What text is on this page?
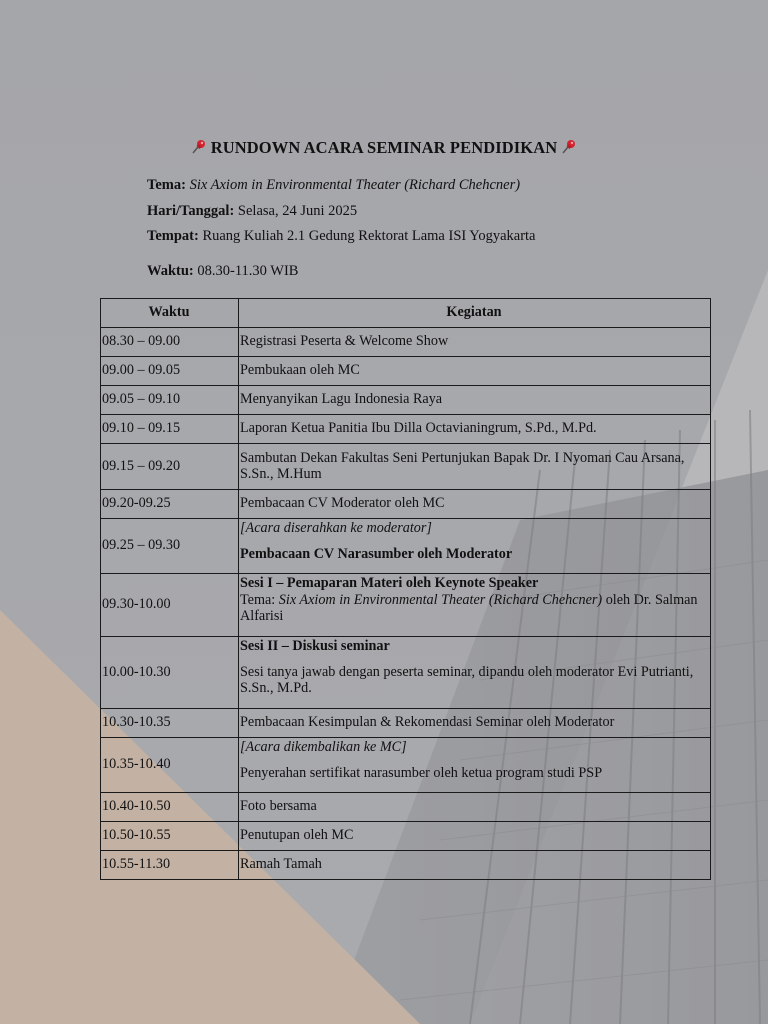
RUNDOWN ACARA SEMINAR PENDIDIKAN
Tema: Six Axiom in Environmental Theater (Richard Chehcner)
Hari/Tanggal: Selasa, 24 Juni 2025
Tempat: Ruang Kuliah 2.1 Gedung Rektorat Lama ISI Yogyakarta
Waktu: 08.30-11.30 WIB
Waktu	Kegiatan
08.30 – 09.00	Registrasi Peserta & Welcome Show
09.00 – 09.05	Pembukaan oleh MC
09.05 – 09.10	Menyanyikan Lagu Indonesia Raya
09.10 – 09.15	Laporan Ketua Panitia Ibu Dilla Octavianingrum, S.Pd., M.Pd.
09.15 – 09.20	Sambutan Dekan Fakultas Seni Pertunjukan Bapak Dr. I Nyoman Cau Arsana, S.Sn., M.Hum
09.20-09.25	Pembacaan CV Moderator oleh MC
09.25 – 09.30	[Acara diserahkan ke moderator]
Pembacaan CV Narasumber oleh Moderator

09.30-10.00	Sesi I – Pemaparan Materi oleh Keynote Speaker
Tema: Six Axiom in Environmental Theater (Richard Chehcner) oleh Dr. Salman Alfarisi

10.00-10.30	Sesi II – Diskusi seminar
Sesi tanya jawab dengan peserta seminar, dipandu oleh moderator Evi Putrianti, S.Sn., M.Pd.

10.30-10.35	Pembacaan Kesimpulan & Rekomendasi Seminar oleh Moderator
10.35-10.40	[Acara dikembalikan ke MC]
Penyerahan sertifikat narasumber oleh ketua program studi PSP

10.40-10.50	Foto bersama
10.50-10.55	Penutupan oleh MC
10.55-11.30	Ramah Tamah
